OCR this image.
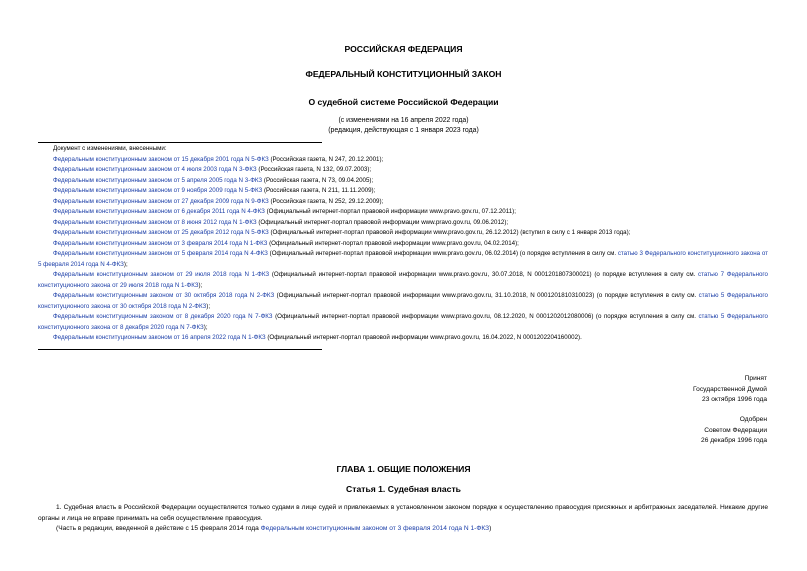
РОССИЙСКАЯ ФЕДЕРАЦИЯ
ФЕДЕРАЛЬНЫЙ КОНСТИТУЦИОННЫЙ ЗАКОН
О судебной системе Российской Федерации
(с изменениями на 16 апреля 2022 года)
(редакция, действующая с 1 января 2023 года)
Документ с изменениями, внесенными:
Федеральным конституционным законом от 15 декабря 2001 года N 5-ФКЗ (Российская газета, N 247, 20.12.2001);
Федеральным конституционным законом от 4 июля 2003 года N 3-ФКЗ (Российская газета, N 132, 09.07.2003);
Федеральным конституционным законом от 5 апреля 2005 года N 3-ФКЗ (Российская газета, N 73, 09.04.2005);
Федеральным конституционным законом от 9 ноября 2009 года N 5-ФКЗ (Российская газета, N 211, 11.11.2009);
Федеральным конституционным законом от 27 декабря 2009 года N 9-ФКЗ (Российская газета, N 252, 29.12.2009);
Федеральным конституционным законом от 6 декабря 2011 года N 4-ФКЗ (Официальный интернет-портал правовой информации www.pravo.gov.ru, 07.12.2011);
Федеральным конституционным законом от 8 июня 2012 года N 1-ФКЗ (Официальный интернет-портал правовой информации www.pravo.gov.ru, 09.06.2012);
Федеральным конституционным законом от 25 декабря 2012 года N 5-ФКЗ (Официальный интернет-портал правовой информации www.pravo.gov.ru, 26.12.2012) (вступил в силу с 1 января 2013 года);
Федеральным конституционным законом от 3 февраля 2014 года N 1-ФКЗ (Официальный интернет-портал правовой информации www.pravo.gov.ru, 04.02.2014);
Федеральным конституционным законом от 5 февраля 2014 года N 4-ФКЗ (Официальный интернет-портал правовой информации www.pravo.gov.ru, 06.02.2014) (о порядке вступления в силу см. статью 3 Федерального конституционного закона от 5 февраля 2014 года N 4-ФКЗ);
Федеральным конституционным законом от 29 июля 2018 года N 1-ФКЗ (Официальный интернет-портал правовой информации www.pravo.gov.ru, 30.07.2018, N 0001201807300021) (о порядке вступления в силу см. статью 7 Федерального конституционного закона от 29 июля 2018 года N 1-ФКЗ);
Федеральным конституционным законом от 30 октября 2018 года N 2-ФКЗ (Официальный интернет-портал правовой информации www.pravo.gov.ru, 31.10.2018, N 0001201810310023) (о порядке вступления в силу см. статью 5 Федерального конституционного закона от 30 октября 2018 года N 2-ФКЗ);
Федеральным конституционным законом от 8 декабря 2020 года N 7-ФКЗ (Официальный интернет-портал правовой информации www.pravo.gov.ru, 08.12.2020, N 0001202012080006) (о порядке вступления в силу см. статью 5 Федерального конституционного закона от 8 декабря 2020 года N 7-ФКЗ);
Федеральным конституционным законом от 16 апреля 2022 года N 1-ФКЗ (Официальный интернет-портал правовой информации www.pravo.gov.ru, 16.04.2022, N 0001202204160002).
Принят
Государственной Думой
23 октября 1996 года
Одобрен
Советом Федерации
26 декабря 1996 года
ГЛАВА 1. ОБЩИЕ ПОЛОЖЕНИЯ
Статья 1. Судебная власть
1. Судебная власть в Российской Федерации осуществляется только судами в лице судей и привлекаемых в установленном законом порядке к осуществлению правосудия присяжных и арбитражных заседателей. Никакие другие органы и лица не вправе принимать на себя осуществление правосудия.
(Часть в редакции, введенной в действие с 15 февраля 2014 года Федеральным конституционным законом от 3 февраля 2014 года N 1-ФКЗ)
